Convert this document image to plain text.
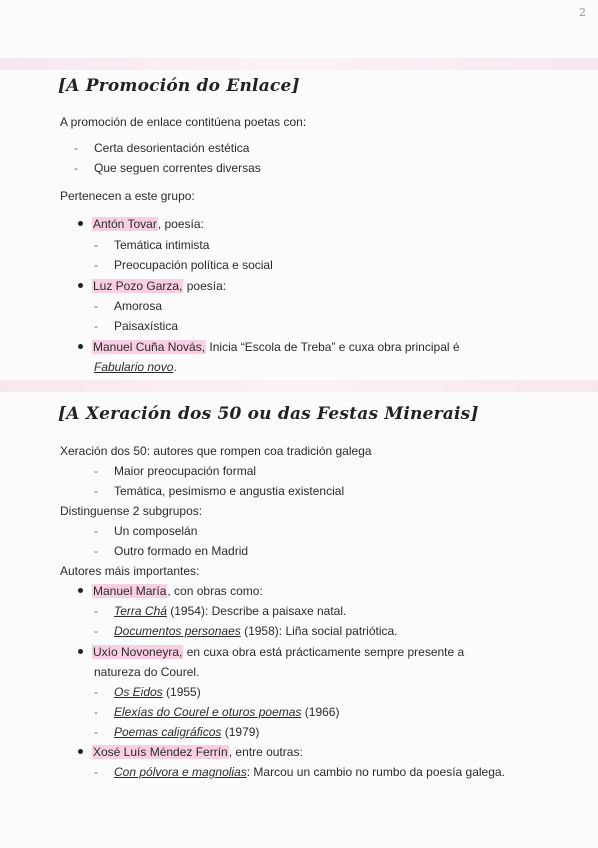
2
[A Promoción do Enlace]
A promoción de enlace contitúena poetas con:
- Certa desorientación estética
- Que seguen correntes diversas
Pertenecen a este grupo:
Antón Tovar, poesía:
- Temática intimista
- Preocupación política e social
Luz Pozo Garza, poesía:
- Amorosa
- Paisaxística
Manuel Cuña Novás, Inicia “Escola de Treba” e cuxa obra principal é
Fabulario novo.
[A Xeración dos 50 ou das Festas Minerais]
Xeración dos 50: autores que rompen coa tradición galega
- Maior preocupación formal
- Temática, pesimismo e angustia existencial
Distinguense 2 subgrupos:
- Un composelán
- Outro formado en Madrid
Autores máis importantes:
Manuel María, con obras como:
- Terra Chá (1954): Describe a paisaxe natal.
- Documentos personaes (1958): Liña social patriótica.
Uxío Novoneyra, en cuxa obra está prácticamente sempre presente a
natureza do Courel.
- Os Eidos (1955)
- Elexías do Courel e oturos poemas (1966)
- Poemas caligráficos (1979)
Xosé Luís Méndez Ferrín, entre outras:
- Con pólvora e magnolias: Marcou un cambio no rumbo da poesía galega.
